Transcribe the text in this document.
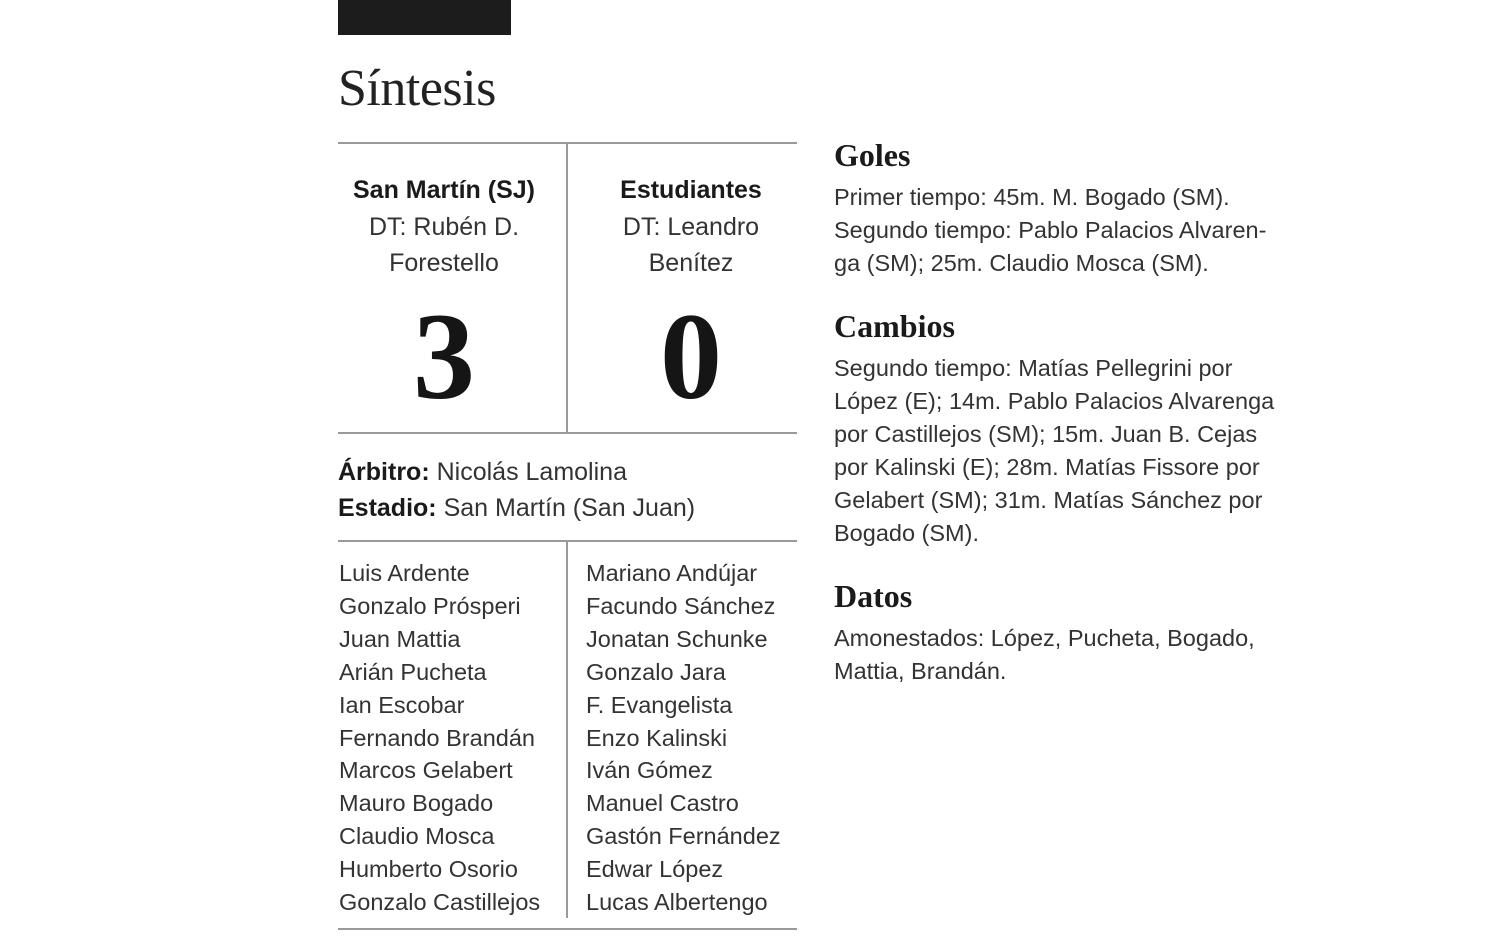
Síntesis
San Martín (SJ)
DT: Rubén D.
Forestello
3
Estudiantes
DT: Leandro
Benítez
0
Árbitro: Nicolás Lamolina
Estadio: San Martín (San Juan)
Luis Ardente
Gonzalo Prósperi
Juan Mattia
Arián Pucheta
Ian Escobar
Fernando Brandán
Marcos Gelabert
Mauro Bogado
Claudio Mosca
Humberto Osorio
Gonzalo Castillejos
Mariano Andújar
Facundo Sánchez
Jonatan Schunke
Gonzalo Jara
F. Evangelista
Enzo Kalinski
Iván Gómez
Manuel Castro
Gastón Fernández
Edwar López
Lucas Albertengo
Goles
Primer tiempo: 45m. M. Bogado (SM).
Segundo tiempo: Pablo Palacios Alvaren-
ga (SM); 25m. Claudio Mosca (SM).
Cambios
Segundo tiempo: Matías Pellegrini por
López (E); 14m. Pablo Palacios Alvarenga
por Castillejos (SM); 15m. Juan B. Cejas
por Kalinski (E); 28m. Matías Fissore por
Gelabert (SM); 31m. Matías Sánchez por
Bogado (SM).
Datos
Amonestados: López, Pucheta, Bogado,
Mattia, Brandán.
